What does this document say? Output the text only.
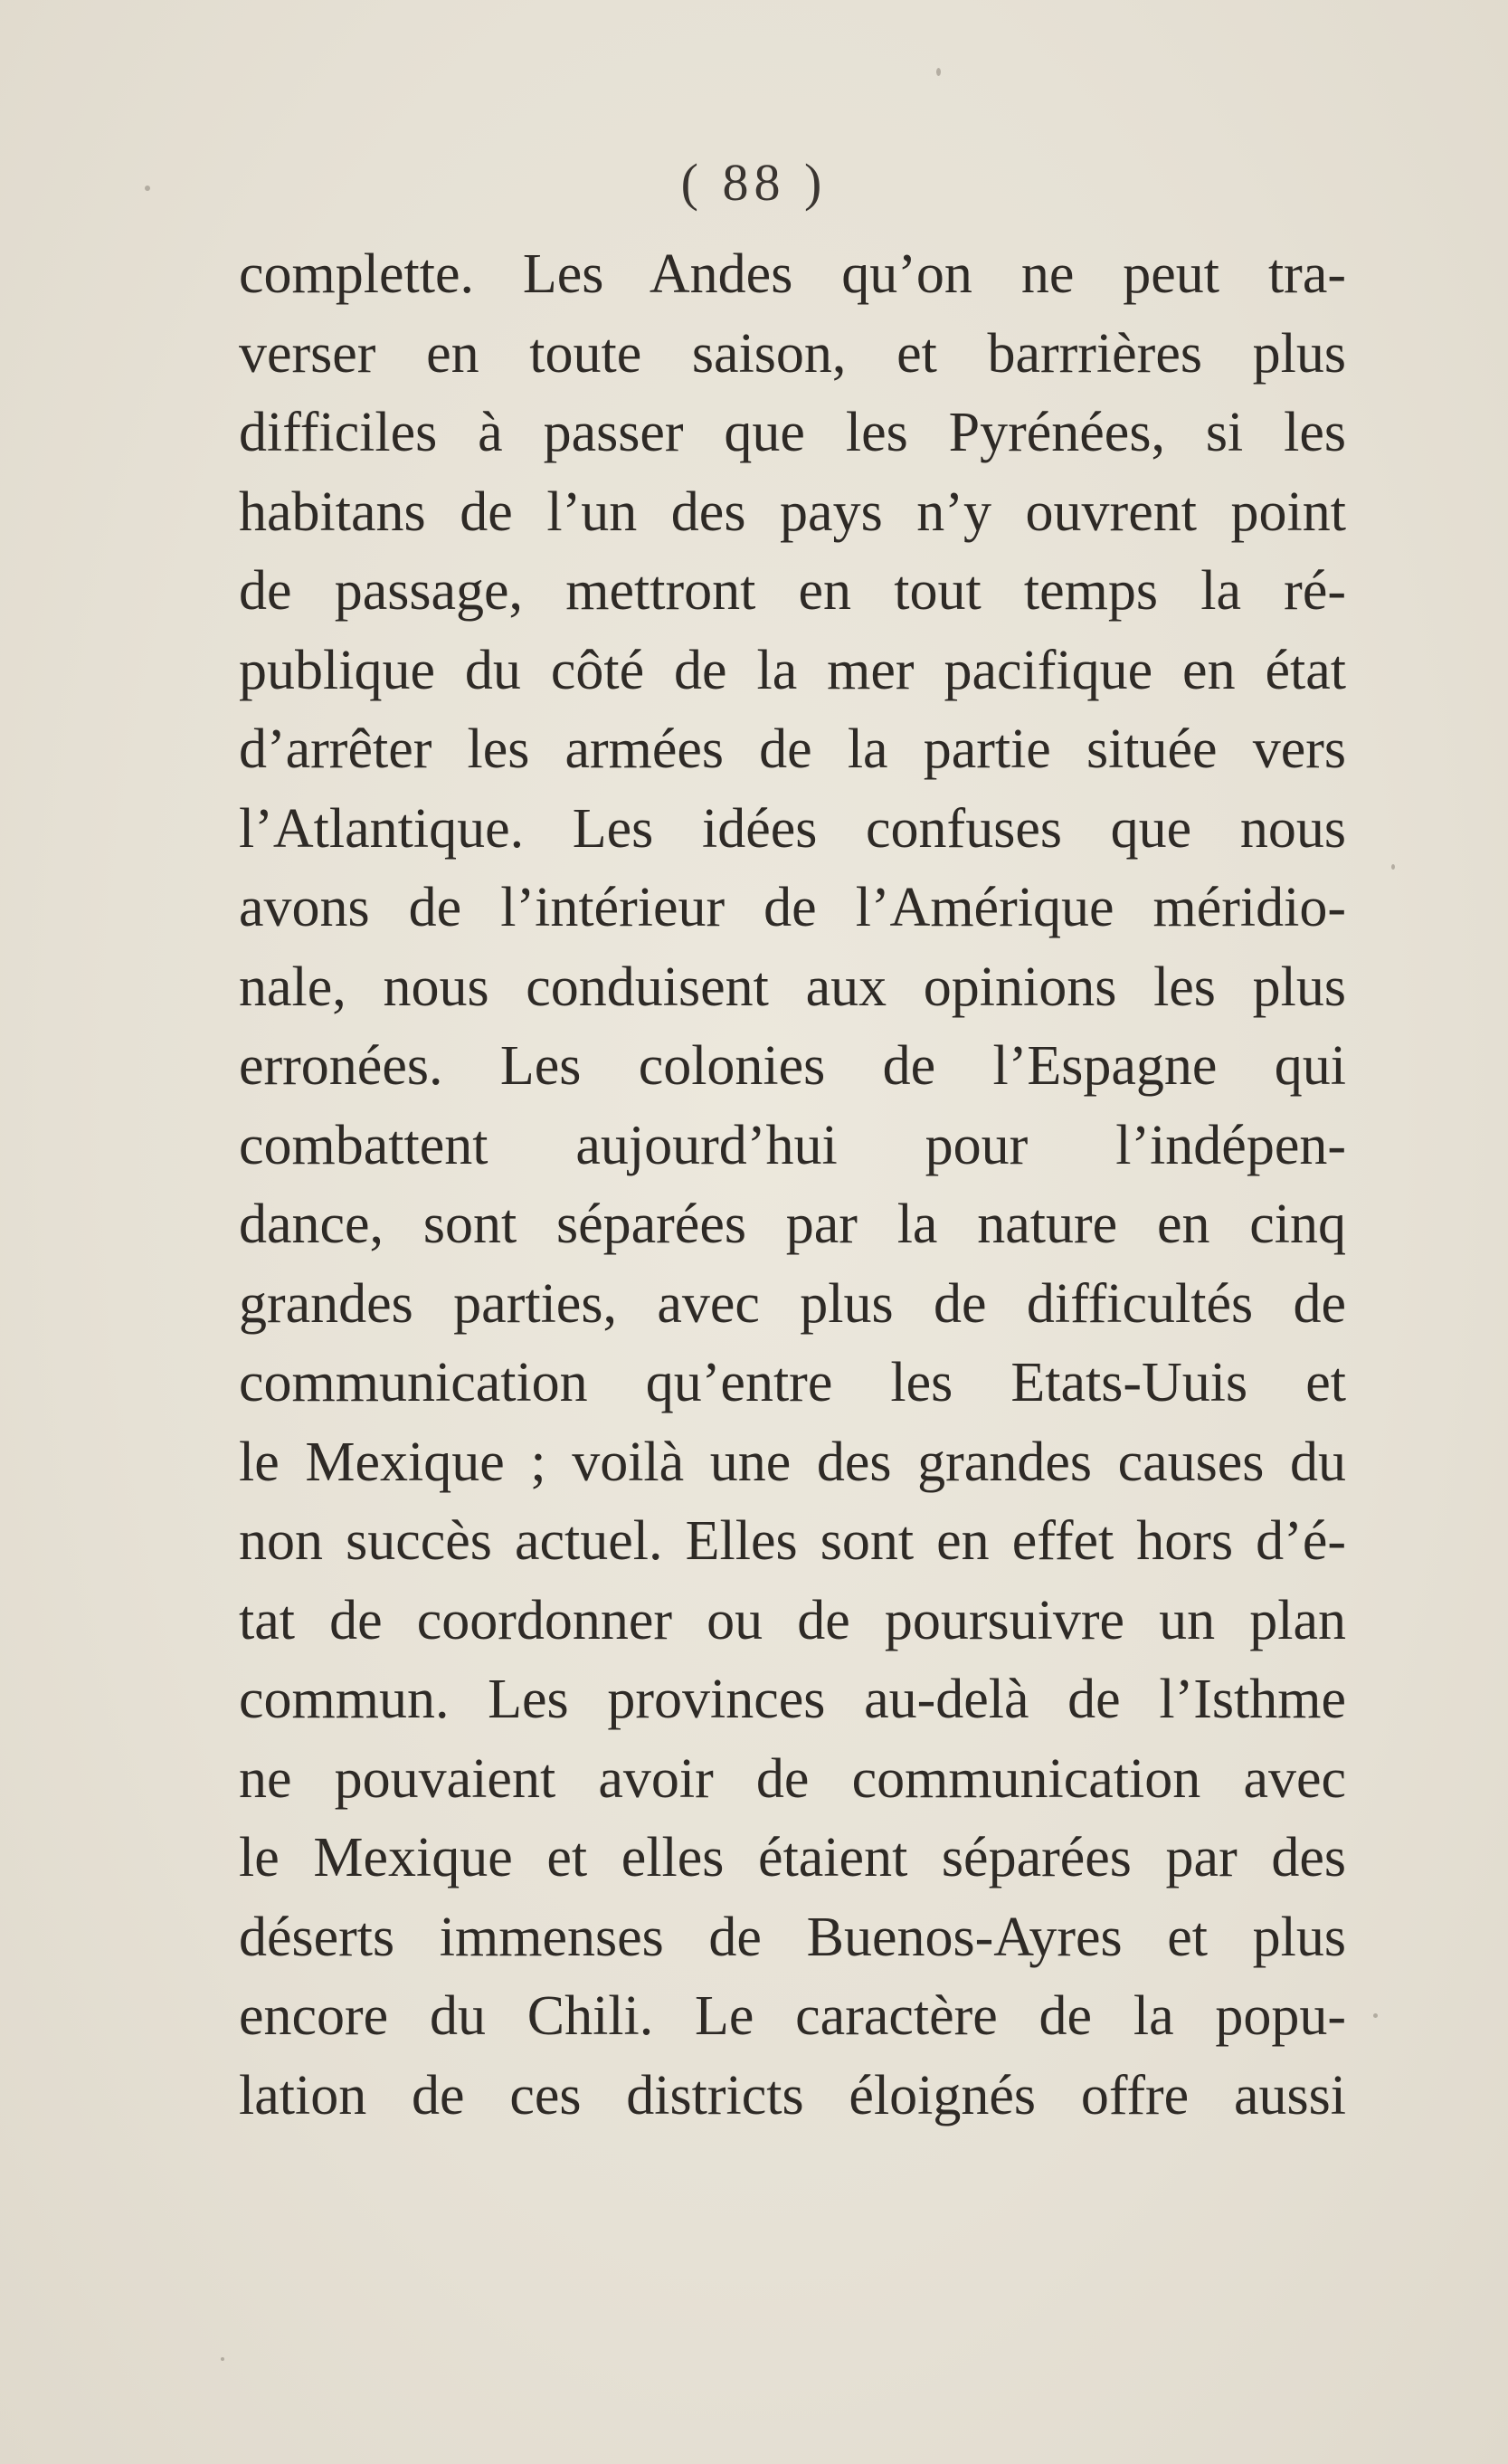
( 88 )
complette. Les Andes qu’on ne peut tra-
verser en toute saison, et barrrières plus
difficiles à passer que les Pyrénées, si les
habitans de l’un des pays n’y ouvrent point
de passage, mettront en tout temps la ré-
publique du côté de la mer pacifique en état
d’arrêter les armées de la partie située vers
l’Atlantique. Les idées confuses que nous
avons de l’intérieur de l’Amérique méridio-
nale, nous conduisent aux opinions les plus
erronées. Les colonies de l’Espagne qui
combattent aujourd’hui pour l’indépen-
dance, sont séparées par la nature en cinq
grandes parties, avec plus de difficultés de
communication qu’entre les Etats-Uuis et
le Mexique ; voilà une des grandes causes du
non succès actuel. Elles sont en effet hors d’é-
tat de coordonner ou de poursuivre un plan
commun. Les provinces au-delà de l’Isthme
ne pouvaient avoir de communication avec
le Mexique et elles étaient séparées par des
déserts immenses de Buenos-Ayres et plus
encore du Chili. Le caractère de la popu-
lation de ces districts éloignés offre aussi
